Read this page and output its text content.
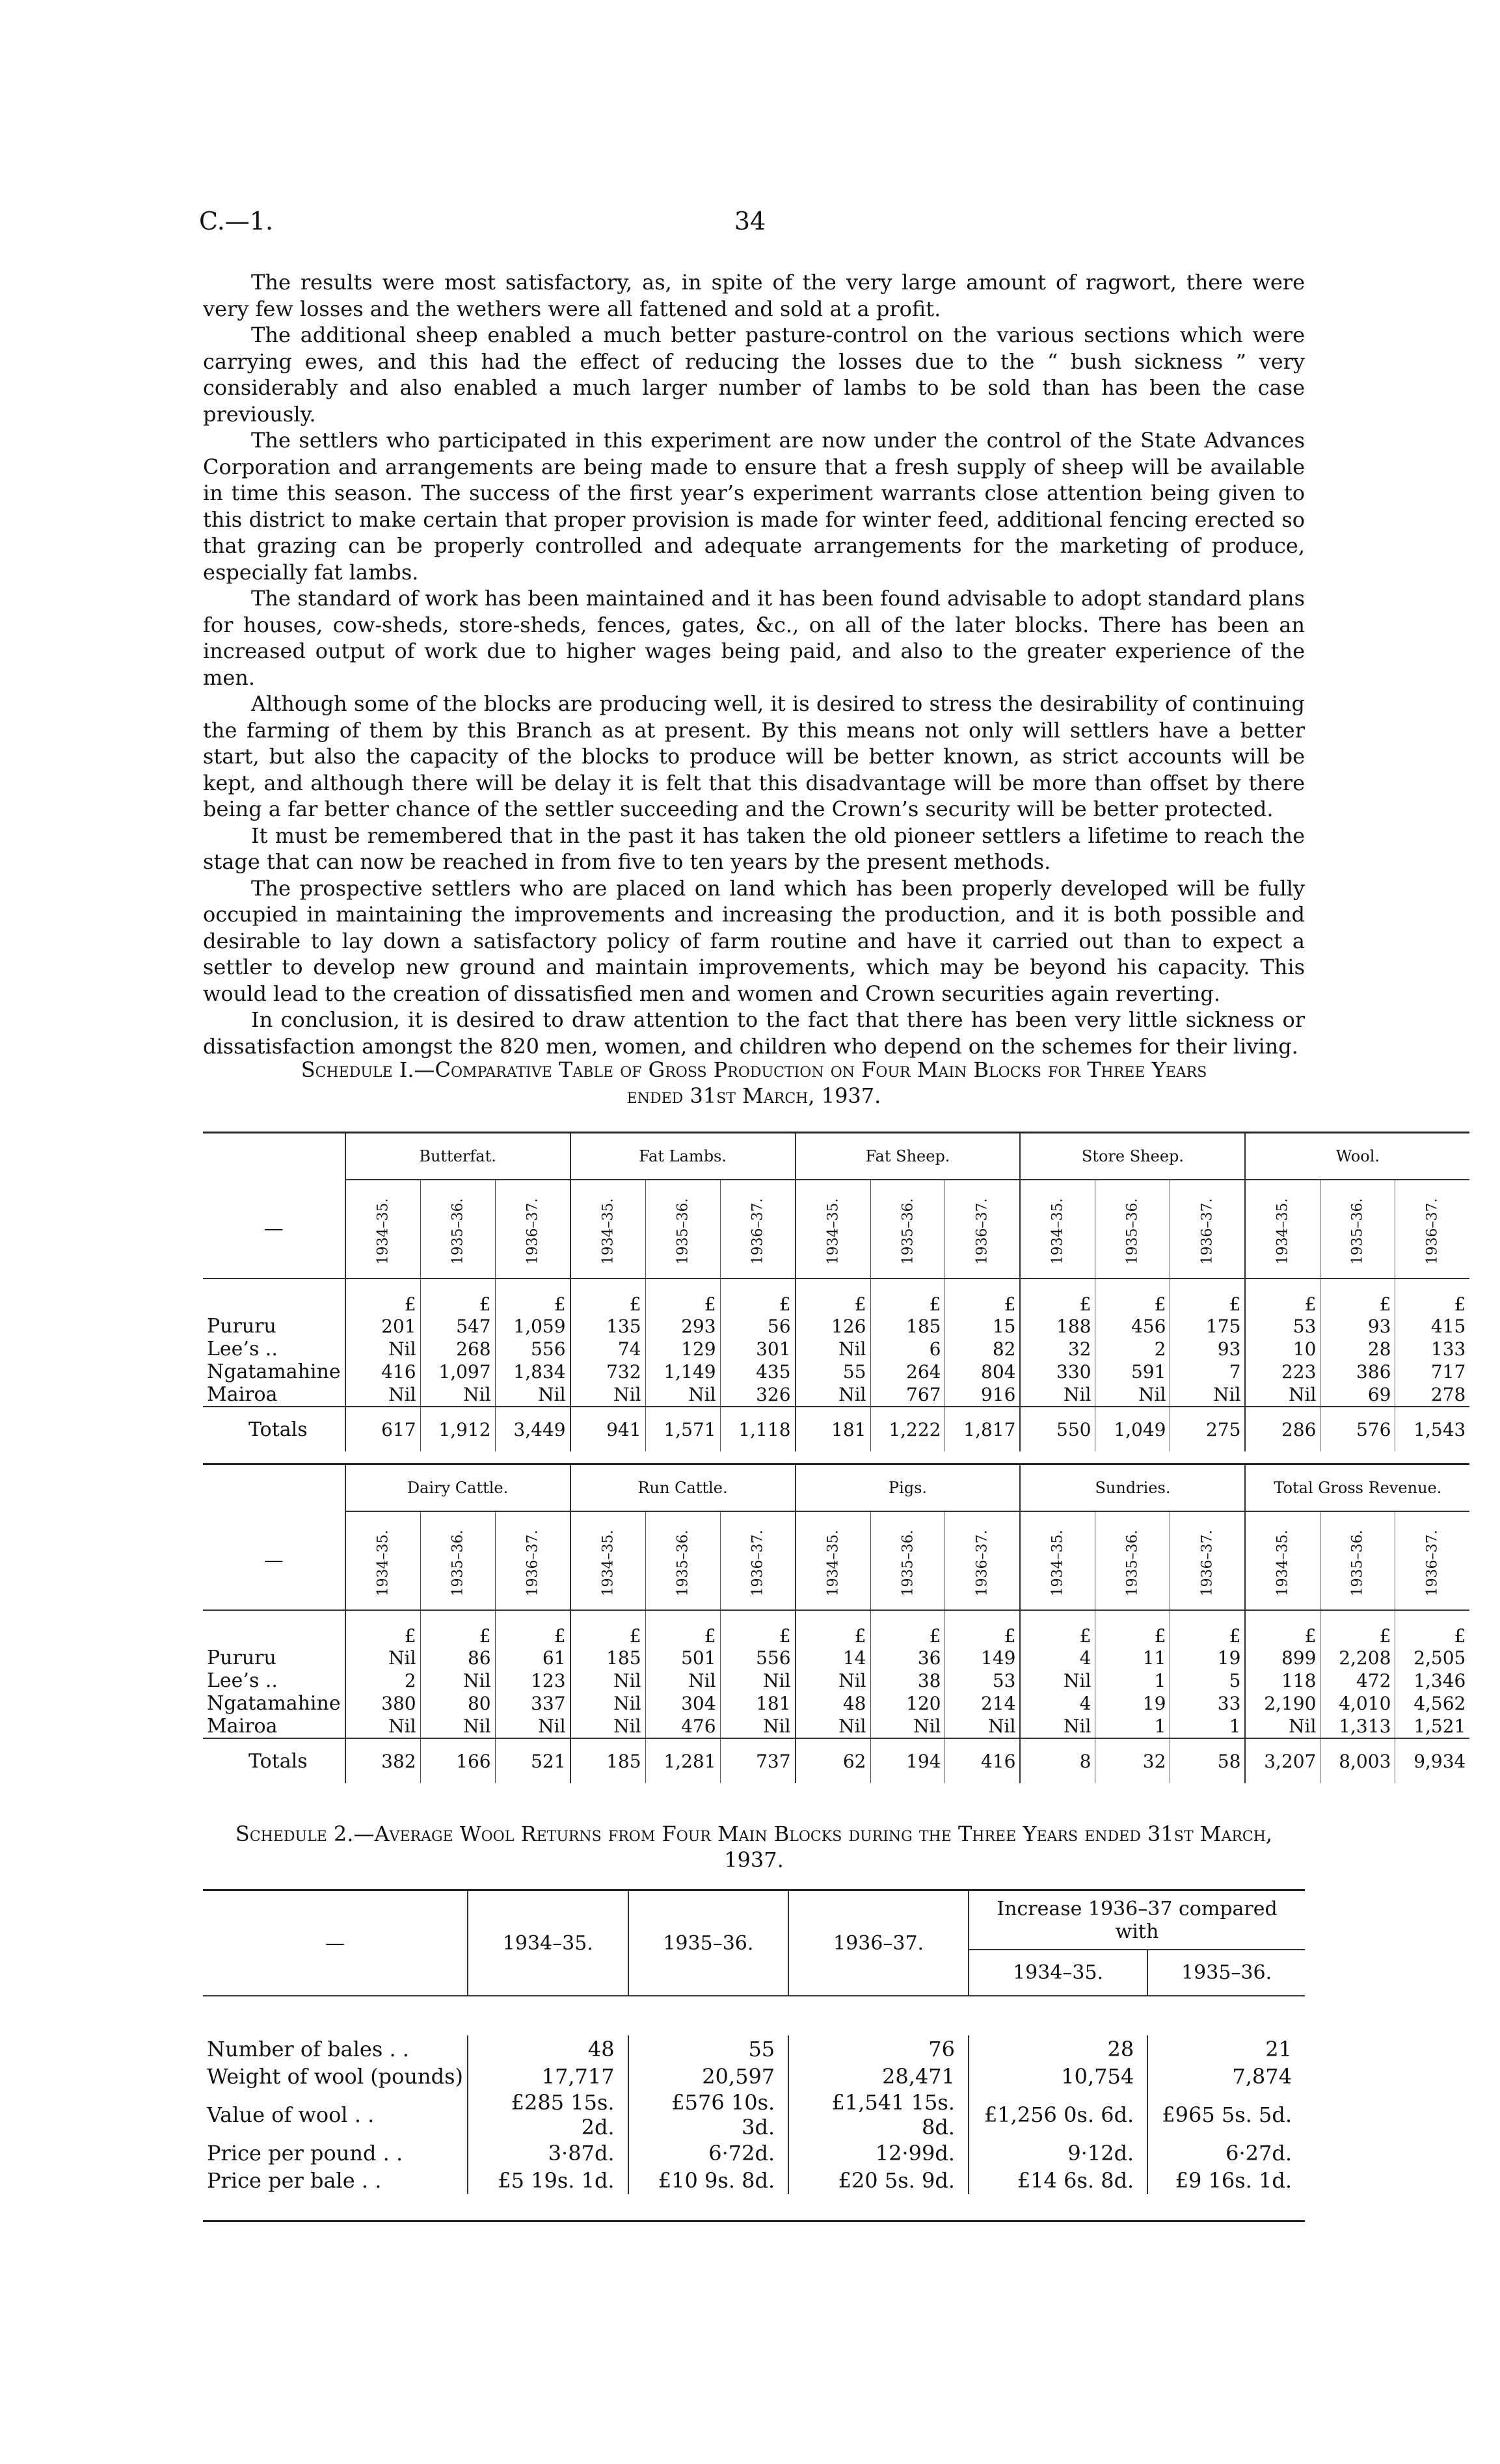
C.—1.	34

The results were most satisfactory, as, in spite of the very large amount of ragwort, there were very few losses and the wethers were all fattened and sold at a profit.

The additional sheep enabled a much better pasture-control on the various sections which were carrying ewes, and this had the effect of reducing the losses due to the “ bush sickness ” very considerably and also enabled a much larger number of lambs to be sold than has been the case previously.

The settlers who participated in this experiment are now under the control of the State Advances Corporation and arrangements are being made to ensure that a fresh supply of sheep will be available in time this season. The success of the first year’s experiment warrants close attention being given to this district to make certain that proper provision is made for winter feed, additional fencing erected so that grazing can be properly controlled and adequate arrangements for the marketing of produce, especially fat lambs.

The standard of work has been maintained and it has been found advisable to adopt standard plans for houses, cow-sheds, store-sheds, fences, gates, &c., on all of the later blocks. There has been an increased output of work due to higher wages being paid, and also to the greater experience of the men.

Although some of the blocks are producing well, it is desired to stress the desirability of continuing the farming of them by this Branch as at present. By this means not only will settlers have a better start, but also the capacity of the blocks to produce will be better known, as strict accounts will be kept, and although there will be delay it is felt that this disadvantage will be more than offset by there being a far better chance of the settler succeeding and the Crown’s security will be better protected.

It must be remembered that in the past it has taken the old pioneer settlers a lifetime to reach the stage that can now be reached in from five to ten years by the present methods.

The prospective settlers who are placed on land which has been properly developed will be fully occupied in maintaining the improvements and increasing the production, and it is both possible and desirable to lay down a satisfactory policy of farm routine and have it carried out than to expect a settler to develop new ground and maintain improvements, which may be beyond his capacity. This would lead to the creation of dissatisfied men and women and Crown securities again reverting.

In conclusion, it is desired to draw attention to the fact that there has been very little sickness or dissatisfaction amongst the 820 men, women, and children who depend on the schemes for their living.

Schedule I.—Comparative Table of Gross Production on Four Main Blocks for Three Years
ended 31st March, 1937.
	Butterfat.			Fat Lambs.			Fat Sheep.			Store Sheep.			Wool.		
—	1934–35.	1935–36.	1936–37.	1934–35.	1935–36.	1936–37.	1934–35.	1935–36.	1936–37.	1934–35.	1935–36.	1936–37.	1934–35.	1935–36.	1936–37.
	£	£	£	£	£	£	£	£	£	£	£	£	£	£	£
Pururu	201	547	1,059	135	293	56	126	185	15	188	456	175	53	93	415
Lee’s ..	Nil	268	556	74	129	301	Nil	6	82	32	2	93	10	28	133
Ngatamahine	416	1,097	1,834	732	1,149	435	55	264	804	330	591	7	223	386	717
Mairoa	Nil	Nil	Nil	Nil	Nil	326	Nil	767	916	Nil	Nil	Nil	Nil	69	278
Totals	617	1,912	3,449	941	1,571	1,118	181	1,222	1,817	550	1,049	275	286	576	1,543
	Dairy Cattle.			Run Cattle.			Pigs.			Sundries.			Total Gross Revenue.		
—	1934–35.	1935–36.	1936–37.	1934–35.	1935–36.	1936–37.	1934–35.	1935–36.	1936–37.	1934–35.	1935–36.	1936–37.	1934–35.	1935–36.	1936–37.
	£	£	£	£	£	£	£	£	£	£	£	£	£	£	£
Pururu	Nil	86	61	185	501	556	14	36	149	4	11	19	899	2,208	2,505
Lee’s ..	2	Nil	123	Nil	Nil	Nil	Nil	38	53	Nil	1	5	118	472	1,346
Ngatamahine	380	80	337	Nil	304	181	48	120	214	4	19	33	2,190	4,010	4,562
Mairoa	Nil	Nil	Nil	Nil	476	Nil	Nil	Nil	Nil	Nil	1	1	Nil	1,313	1,521
Totals	382	166	521	185	1,281	737	62	194	416	8	32	58	3,207	8,003	9,934
Schedule 2.—Average Wool Returns from Four Main Blocks during the Three Years ended 31st March,
1937.
—	1934–35.	1935–36.	1936–37.	Increase 1936–37 compared with	
				1934–35.	1935–36.

Number of bales . .	48	55	76	28	21
Weight of wool (pounds)	17,717	20,597	28,471	10,754	7,874
Value of wool . .	£285 15s. 2d.	£576 10s. 3d.	£1,541 15s. 8d.	£1,256 0s. 6d.	£965 5s. 5d.
Price per pound . .	3·87d.	6·72d.	12·99d.	9·12d.	6·27d.
Price per bale . .	£5 19s. 1d.	£10 9s. 8d.	£20 5s. 9d.	£14 6s. 8d.	£9 16s. 1d.
